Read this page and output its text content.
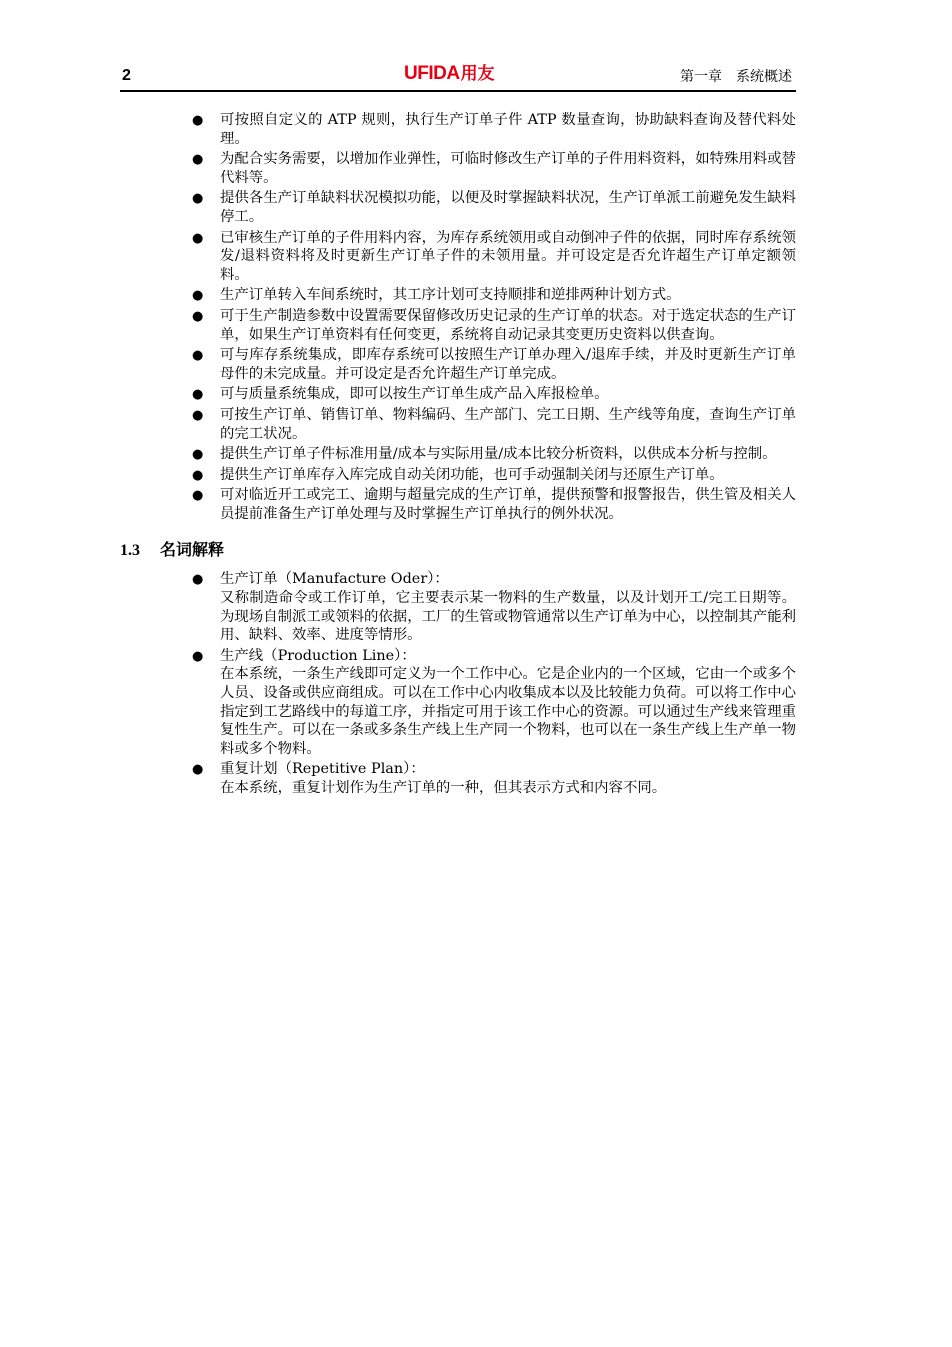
2	UFIDA用友	第一章　系统概述
● 可按照自定义的 ATP 规则，执行生产订单子件 ATP 数量查询，协助缺料查询及替代料处理。
● 为配合实务需要，以增加作业弹性，可临时修改生产订单的子件用料资料，如特殊用料或替代料等。
● 提供各生产订单缺料状况模拟功能，以便及时掌握缺料状况，生产订单派工前避免发生缺料停工。
● 已审核生产订单的子件用料内容，为库存系统领用或自动倒冲子件的依据，同时库存系统领发/退料资料将及时更新生产订单子件的未领用量。并可设定是否允许超生产订单定额领料。
● 生产订单转入车间系统时，其工序计划可支持顺排和逆排两种计划方式。
● 可于生产制造参数中设置需要保留修改历史记录的生产订单的状态。对于选定状态的生产订单，如果生产订单资料有任何变更，系统将自动记录其变更历史资料以供查询。
● 可与库存系统集成，即库存系统可以按照生产订单办理入/退库手续，并及时更新生产订单母件的未完成量。并可设定是否允许超生产订单完成。
● 可与质量系统集成，即可以按生产订单生成产品入库报检单。
● 可按生产订单、销售订单、物料编码、生产部门、完工日期、生产线等角度，查询生产订单的完工状况。
● 提供生产订单子件标准用量/成本与实际用量/成本比较分析资料，以供成本分析与控制。
● 提供生产订单库存入库完成自动关闭功能，也可手动强制关闭与还原生产订单。
● 可对临近开工或完工、逾期与超量完成的生产订单，提供预警和报警报告，供生管及相关人员提前准备生产订单处理与及时掌握生产订单执行的例外状况。
1.3 名词解释
● 生产订单（Manufacture Oder）：
又称制造命令或工作订单，它主要表示某一物料的生产数量，以及计划开工/完工日期等。为现场自制派工或领料的依据，工厂的生管或物管通常以生产订单为中心，以控制其产能利用、缺料、效率、进度等情形。
● 生产线（Production Line）：
在本系统，一条生产线即可定义为一个工作中心。它是企业内的一个区域，它由一个或多个人员、设备或供应商组成。可以在工作中心内收集成本以及比较能力负荷。可以将工作中心指定到工艺路线中的每道工序，并指定可用于该工作中心的资源。可以通过生产线来管理重复性生产。可以在一条或多条生产线上生产同一个物料，也可以在一条生产线上生产单一物料或多个物料。
● 重复计划（Repetitive Plan）：
在本系统，重复计划作为生产订单的一种，但其表示方式和内容不同。
